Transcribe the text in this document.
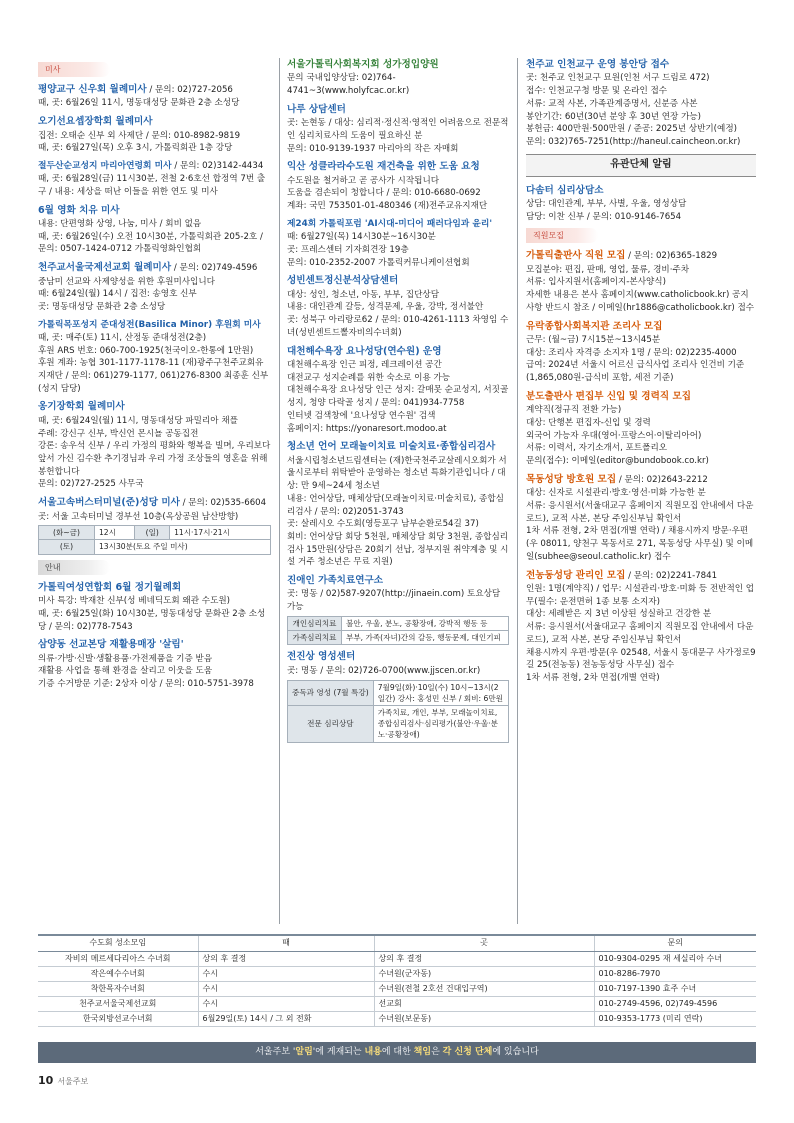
미사
평양교구 신우회 월례미사 / 문의: 02)727-2056

때, 곳: 6월26일 11시, 명동대성당 문화관 2층 소성당

오기선요셉장학회 월례미사

집전: 오태순 신부 외 사제단 / 문의: 010-8982-9819

때, 곳: 6월27일(목) 오후 3시, 가톨릭회관 1층 강당

절두산순교성지 마리아연령회 미사 / 문의: 02)3142-4434

때, 곳: 6월28일(금) 11시30분, 전철 2·6호선 합정역 7번 출구 / 내용: 세상을 떠난 이들을 위한 연도 및 미사

6월 영화 치유 미사

내용: 단편영화 상영, 나눔, 미사 / 회비 없음

때, 곳: 6월26일(수) 오전 10시30분, 가톨릭회관 205-2호 / 문의: 0507-1424-0712 가톨릭영화인협회

천주교서울국제선교회 월례미사 / 문의: 02)749-4596

중남미 선교와 사제양성을 위한 후원미사입니다

때: 6월24일(월) 14시 / 집전: 송영호 신부

곳: 명동대성당 문화관 2층 소성당

가톨릭목포성지 준대성전(Basilica Minor) 후원회 미사

때, 곳: 매주(토) 11시, 산정동 준대성전(2층)

후원 ARS 번호: 060-700-1925(천국이오-한통에 1만원)

후원 계좌: 농협 301-1177-1178-11 (재)광주구천주교회유지재단 / 문의: 061)279-1177, 061)276-8300 최종훈 신부(성지 담당)

옹기장학회 월례미사

때, 곳: 6월24일(월) 11시, 명동대성당 파밀리아 채플

주례: 강신구 신부, 박신언 몬시뇰 공동집전

강론: 송우석 신부 / 우리 가정의 평화와 행복을 빌며, 우리보다 앞서 가신 김수환 추기경님과 우리 가정 조상들의 영혼을 위해 봉헌합니다

문의: 02)727-2525 사무국

서울고속버스터미널(준)성당 미사 / 문의: 02)535-6604

곳: 서울 고속터미널 경부선 10층(옥상공원 남산방향)

(화~금)	12시	(일)	11시·17시·21시
(토)	13시30분(토요 주일 미사)		
안내
가톨릭여성연합회 6월 정기월례회

미사 특강: 박재찬 신부(성 베네딕도회 왜관 수도원)

때, 곳: 6월25일(화) 10시30분, 명동대성당 문화관 2층 소성당 / 문의: 02)778-7543

삼양동 선교본당 재활용매장 '살림'

의류·가방·신발·생활용품·가전제품을 기증 받음

재활용 사업을 통해 환경을 살리고 이웃을 도움

기증 수거방문 기준: 2상자 이상 / 문의: 010-5751-3978

서울가톨릭사회복지회 성가정입양원

문의 국내입양상담: 02)764-4741~3(www.holyfcac.or.kr)

나루 상담센터

곳: 논현동 / 대상: 심리적·정신적·영적인 어려움으로 전문적인 심리치료사의 도움이 필요하신 분

문의: 010-9139-1937 마리아의 작은 자매회

익산 성클라라수도원 재건축을 위한 도움 요청

수도원을 철거하고 곧 공사가 시작됩니다

도움을 겸손되이 청합니다 / 문의: 010-6680-0692

계좌: 국민 753501-01-480346 (재)전주교유지재단

제24회 가톨릭포럼 'AI시대-미디어 패러다임과 윤리'

때: 6월27일(목) 14시30분~16시30분

곳: 프레스센터 기자회견장 19층

문의: 010-2352-2007 가톨릭커뮤니케이션협회

성빈센트정신분석상담센터

대상: 성인, 청소년, 아동, 부부, 집단상담

내용: 대인관계 갈등, 성격문제, 우울, 강박, 정서불안

곳: 성북구 아리랑로62 / 문의: 010-4261-1113 차영임 수녀(성빈센트드뽈자비의수녀회)

대천해수욕장 요나성당(연수원) 운영

대천해수욕장 인근 피정, 레크레이션 공간

대전교구 성지순례를 위한 숙소로 이용 가능

대천해수욕장 요나성당 인근 성지: 갈매못 순교성지, 서짓골 성지, 청양 다락골 성지 / 문의: 041)934-7758

인터넷 검색창에 '요나성당 연수원' 검색

홈페이지: https://yonaresort.modoo.at

청소년 언어 모래놀이치료 미술치료·종합심리검사

서울시립청소년드림센터는 (재)한국천주교살레시오회가 서울시로부터 위탁받아 운영하는 청소년 특화기관입니다 / 대상: 만 9세~24세 청소년

내용: 언어상담, 매체상담(모래놀이치료·미술치료), 종합심리검사 / 문의: 02)2051-3743

곳: 살레시오 수도회(영등포구 남부순환로54길 37)

회비: 언어상담 회당 5천원, 매체상담 회당 3천원, 종합심리검사 15만원(상담은 20회기 선납, 정부지원 취약계층 및 시설 거주 청소년은 무료 지원)

진애인 가족치료연구소

곳: 명동 / 02)587-9207(http://jinaein.com) 토요상담 가능

개인심리치료	불안, 우울, 분노, 공황장애, 강박적 행동 등
가족심리치료	부부, 가족(자녀)간의 갈등, 행동문제, 대인기피
전진상 영성센터

곳: 명동 / 문의: 02)726-0700(www.jjscen.or.kr)

중독과 영성 (7월 특강)	7월9일(화)·10일(수) 10시~13시(2일간) 강사: 홍성민 신부 / 회비: 6만원
전문 심리상담	가족치료, 개인, 부부, 모래놀이치료, 종합심리검사·심리평가(불안·우울·분노·공황장애)
천주교 인천교구 운영 봉안당 접수

곳: 천주교 인천교구 묘원(인천 서구 드림로 472)

접수: 인천교구청 방문 및 온라인 접수

서류: 교적 사본, 가족관계증명서, 신분증 사본

봉안기간: 60년(30년 분양 후 30년 연장 가능)

봉헌금: 400만원·500만원 / 준공: 2025년 상반기(예정)

문의: 032)765-7251(http://haneul.caincheon.or.kr)

유관단체 알림
다솜터 심리상담소

상담: 대인관계, 부부, 사별, 우울, 영성상담

담당: 이찬 신부 / 문의: 010-9146-7654

직원모집
가톨릭출판사 직원 모집 / 문의: 02)6365-1829

모집분야: 편집, 판매, 영업, 물류, 경비·주차

서류: 입사지원서(홈페이지-본사양식)

자세한 내용은 본사 홈페이지(www.catholicbook.kr) 공지사항 반드시 참조 / 이메일(hr1886@catholicbook.kr) 접수

유락종합사회복지관 조리사 모집

근무: (월~금) 7시15분~13시45분

대상: 조리사 자격증 소지자 1명 / 문의: 02)2235-4000

급여: 2024년 서울시 어르신 급식사업 조리사 인건비 기준(1,865,080원-급식비 포함, 세전 기준)

분도출판사 편집부 신입 및 경력직 모집

계약직(정규직 전환 가능)

대상: 단행본 편집자-신입 및 경력

외국어 가능자 우대(영어·프랑스어·이탈리아어)

서류: 이력서, 자기소개서, 포트폴리오

문의(접수): 이메일(editor@bundobook.co.kr)

목동성당 방호원 모집 / 문의: 02)2643-2212

대상: 신자로 시설관리·방호·영선·미화 가능한 분

서류: 응시원서(서울대교구 홈페이지 직원모집 안내에서 다운로드), 교적 사본, 본당 주임신부님 확인서

1차 서류 전형, 2차 면접(개별 연락) / 채용시까지 방문·우편(우 08011, 양천구 목동서로 271, 목동성당 사무실) 및 이메일(subhee@seoul.catholic.kr) 접수

전농동성당 관리인 모집 / 문의: 02)2241-7841

인원: 1명(계약직) / 업무: 시설관리·방호·미화 등 전반적인 업무(필수: 운전면허 1종 보통 소지자)

대상: 세례받은 지 3년 이상된 성실하고 건강한 분

서류: 응시원서(서울대교구 홈페이지 직원모집 안내에서 다운로드), 교적 사본, 본당 주임신부님 확인서

채용시까지 우편·방문(우 02548, 서울시 동대문구 사가정로9길 25(전농동) 전농동성당 사무실) 접수

1차 서류 전형, 2차 면접(개별 연락)

수도회 성소모임	때	곳	문의
자비의 메르세다리아스 수녀회	상의 후 결정	상의 후 결정	010-9304-0295 재 세실리아 수녀
작은예수수녀회	수시	수녀원(군자동)	010-8286-7970
착한목자수녀회	수시	수녀원(전철 2호선 건대입구역)	010-7197-1390 효주 수녀
천주교서울국제선교회	수시	선교회	010-2749-4596, 02)749-4596
한국외방선교수녀회	6월29일(토) 14시 / 그 외 전화	수녀원(보문동)	010-9353-1773 (미리 연락)
서울주보 '알림'에 게재되는 내용에 대한 책임은 각 신청 단체에 있습니다
10 서울주보
